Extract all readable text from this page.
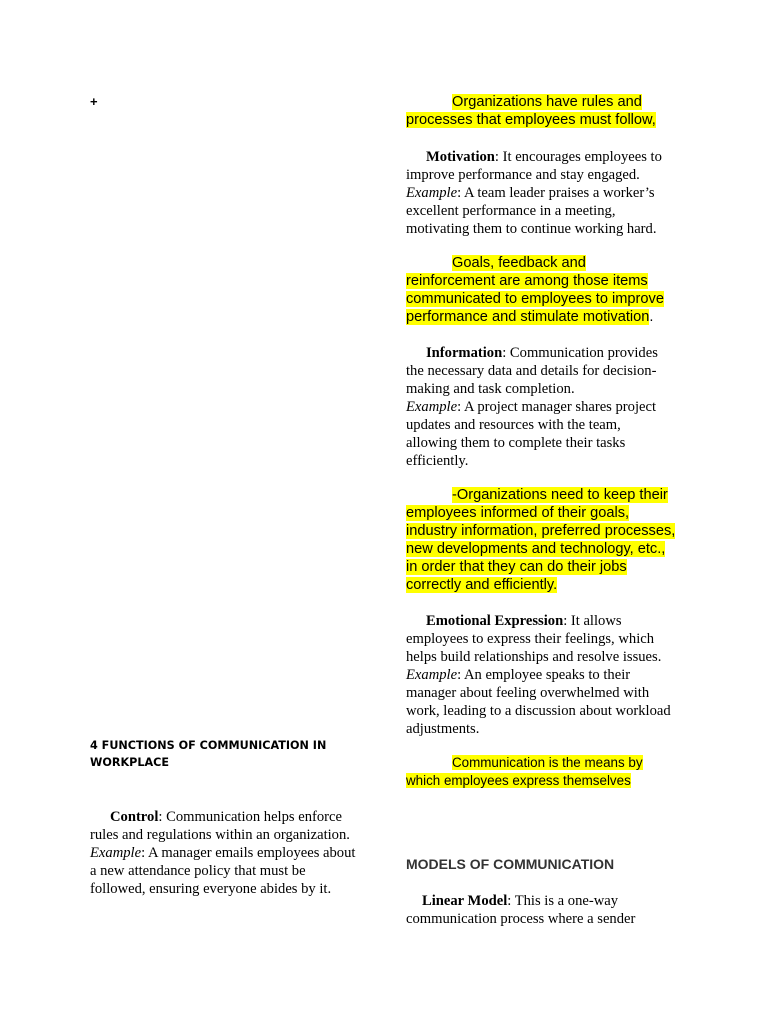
+	Organizations have rules and processes that employees must follow,

Motivation: It encourages employees to improve performance and stay engaged.

Example: A team leader praises a worker’s excellent performance in a meeting, motivating them to continue working hard.

Goals, feedback and reinforcement are among those items communicated to employees to improve performance and stimulate motivation.

Information: Communication provides the necessary data and details for decision-making and task completion.

Example: A project manager shares project updates and resources with the team, allowing them to complete their tasks efficiently.

-Organizations need to keep their employees informed of their goals, industry information, preferred processes, new developments and technology, etc., in order that they can do their jobs correctly and efficiently.

Emotional Expression: It allows employees to express their feelings, which helps build relationships and resolve issues.

Example: An employee speaks to their manager about feeling overwhelmed with work, leading to a discussion about workload adjustments.

Communication is the means by which employees express themselves
MODELS OF COMMUNICATION

Linear Model: This is a one-way communication process where a sender

4 FUNCTIONS OF COMMUNICATION IN WORKPLACE

Control: Communication helps enforce rules and regulations within an organization.

Example: A manager emails employees about a new attendance policy that must be followed, ensuring everyone abides by it.
